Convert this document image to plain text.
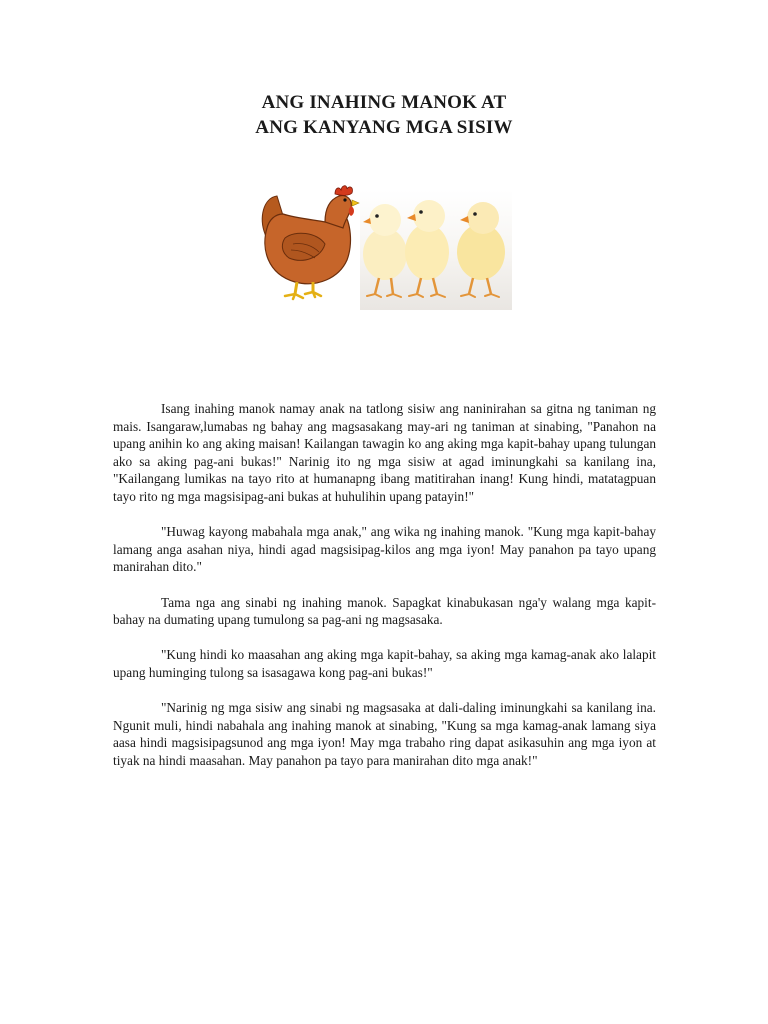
ANG INAHING MANOK AT
ANG KANYANG MGA SISIW

Isang inahing manok namay anak na tatlong sisiw ang naninirahan sa gitna ng taniman ng mais. Isangaraw,lumabas ng bahay ang magsasakang may-ari ng taniman at sinabing, "Panahon na upang anihin ko ang aking maisan! Kailangan tawagin ko ang aking mga kapit-bahay upang tulungan ako sa aking pag-ani bukas!" Narinig ito ng mga sisiw at agad iminungkahi sa kanilang ina, "Kailangang lumikas na tayo rito at humanapng ibang matitirahan inang! Kung hindi, matatagpuan tayo rito ng mga magsisipag-ani bukas at huhulihin upang patayin!"

"Huwag kayong mabahala mga anak," ang wika ng inahing manok. "Kung mga kapit-bahay lamang anga asahan niya, hindi agad magsisipag-kilos ang mga iyon! May panahon pa tayo upang manirahan dito."

Tama nga ang sinabi ng inahing manok. Sapagkat kinabukasan nga'y walang mga kapit-bahay na dumating upang tumulong sa pag-ani ng magsasaka.

"Kung hindi ko maasahan ang aking mga kapit-bahay, sa aking mga kamag-anak ako lalapit upang huminging tulong sa isasagawa kong pag-ani bukas!"

"Narinig ng mga sisiw ang sinabi ng magsasaka at dali-daling iminungkahi sa kanilang ina. Ngunit muli, hindi nabahala ang inahing manok at sinabing, "Kung sa mga kamag-anak lamang siya aasa hindi magsisipagsunod ang mga iyon! May mga trabaho ring dapat asikasuhin ang mga iyon at tiyak na hindi maasahan. May panahon pa tayo para manirahan dito mga anak!"
